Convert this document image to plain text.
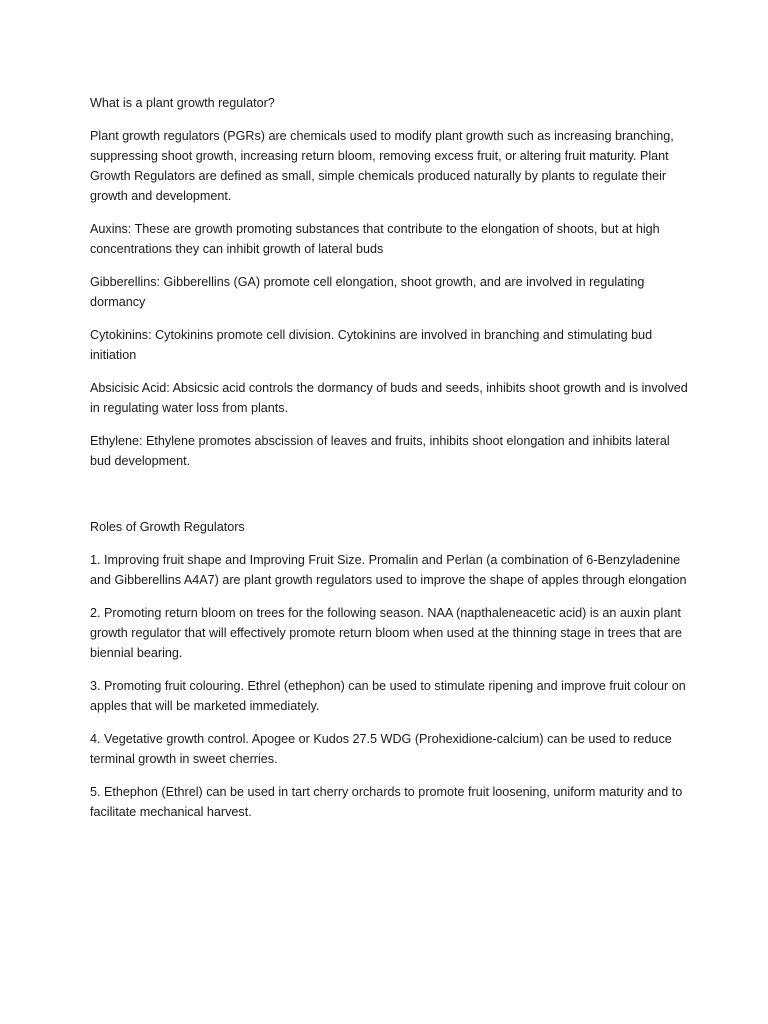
What is a plant growth regulator?

Plant growth regulators (PGRs) are chemicals used to modify plant growth such as increasing branching, suppressing shoot growth, increasing return bloom, removing excess fruit, or altering fruit maturity. Plant Growth Regulators are defined as small, simple chemicals produced naturally by plants to regulate their growth and development.

Auxins: These are growth promoting substances that contribute to the elongation of shoots, but at high concentrations they can inhibit growth of lateral buds

Gibberellins: Gibberellins (GA) promote cell elongation, shoot growth, and are involved in regulating dormancy

Cytokinins: Cytokinins promote cell division. Cytokinins are involved in branching and stimulating bud initiation

Absicisic Acid: Absicsic acid controls the dormancy of buds and seeds, inhibits shoot growth and is involved in regulating water loss from plants.

Ethylene: Ethylene promotes abscission of leaves and fruits, inhibits shoot elongation and inhibits lateral bud development.

Roles of Growth Regulators

1. Improving fruit shape and Improving Fruit Size. Promalin and Perlan (a combination of 6-Benzyladenine and Gibberellins A4A7) are plant growth regulators used to improve the shape of apples through elongation

2. Promoting return bloom on trees for the following season. NAA (napthaleneacetic acid) is an auxin plant growth regulator that will effectively promote return bloom when used at the thinning stage in trees that are biennial bearing.

3. Promoting fruit colouring. Ethrel (ethephon) can be used to stimulate ripening and improve fruit colour on apples that will be marketed immediately.

4. Vegetative growth control. Apogee or Kudos 27.5 WDG (Prohexidione-calcium) can be used to reduce terminal growth in sweet cherries.

5. Ethephon (Ethrel) can be used in tart cherry orchards to promote fruit loosening, uniform maturity and to facilitate mechanical harvest.
